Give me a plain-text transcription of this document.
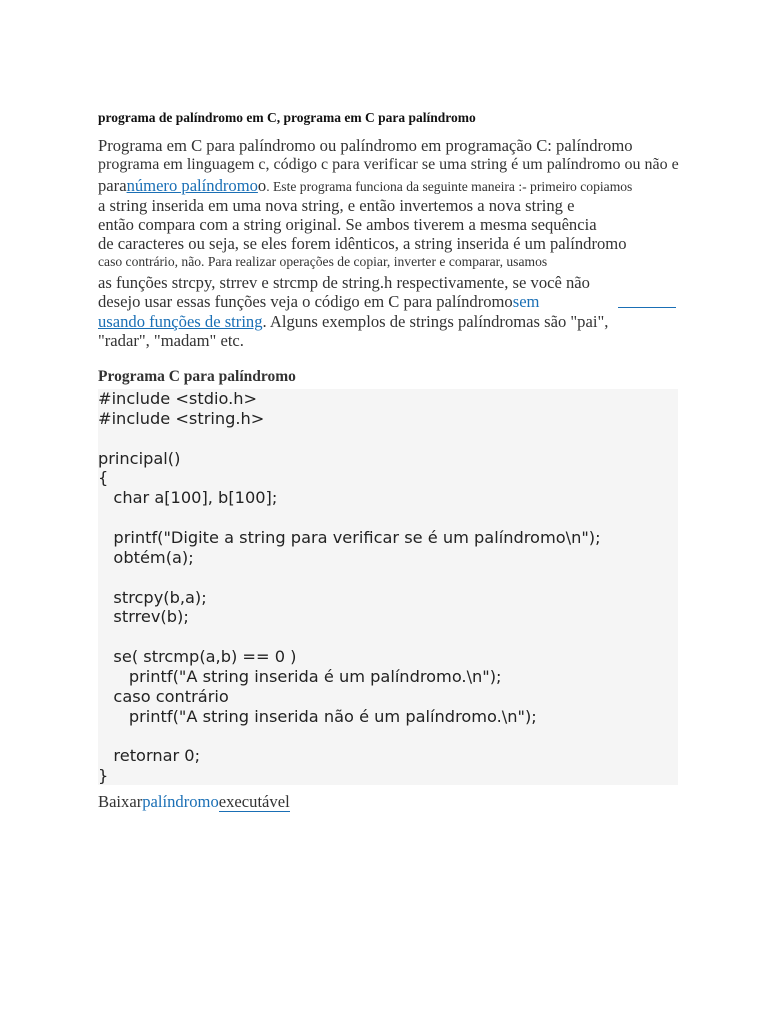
programa de palíndromo em C, programa em C para palíndromo
Programa em C para palíndromo ou palíndromo em programação C: palíndromo
programa em linguagem c, código c para verificar se uma string é um palíndromo ou não e
paranúmero palíndromoo. Este programa funciona da seguinte maneira :- primeiro copiamos
a string inserida em uma nova string, e então invertemos a nova string e
então compara com a string original. Se ambos tiverem a mesma sequência
de caracteres ou seja, se eles forem idênticos, a string inserida é um palíndromo
caso contrário, não. Para realizar operações de copiar, inverter e comparar, usamos
as funções strcpy, strrev e strcmp de string.h respectivamente, se você não
desejo usar essas funções veja o código em C para palíndromosem
usando funções de string. Alguns exemplos de strings palíndromas são "pai",
"radar", "madam" etc.
Programa C para palíndromo
#include <stdio.h>
#include <string.h>
principal()
{
char a[100], b[100];
printf("Digite a string para verificar se é um palíndromo\n");
obtém(a);
strcpy(b,a);
strrev(b);
se( strcmp(a,b) == 0 )
printf("A string inserida é um palíndromo.\n");
caso contrário
printf("A string inserida não é um palíndromo.\n");
retornar 0;
}
Baixarpalíndromoexecutável
